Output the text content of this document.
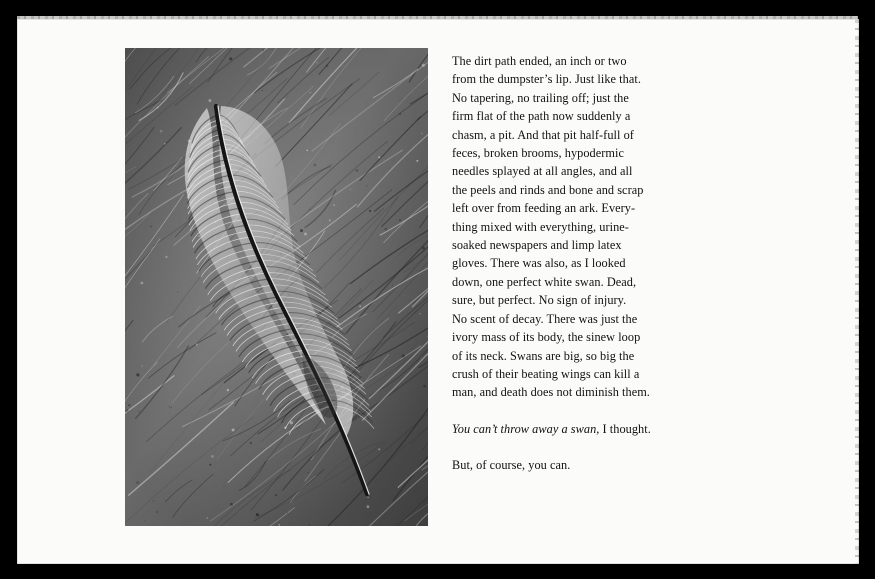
The dirt path ended, an inch or two
from the dumpster’s lip. Just like that.
No tapering, no trailing off; just the
firm flat of the path now suddenly a
chasm, a pit. And that pit half-full of
feces, broken brooms, hypodermic
needles splayed at all angles, and all
the peels and rinds and bone and scrap
left over from feeding an ark. Every-
thing mixed with everything, urine-
soaked newspapers and limp latex
gloves. There was also, as I looked
down, one perfect white swan. Dead,
sure, but perfect. No sign of injury.
No scent of decay. There was just the
ivory mass of its body, the sinew loop
of its neck. Swans are big, so big the
crush of their beating wings can kill a
man, and death does not diminish them.
You can’t throw away a swan, I thought.
But, of course, you can.
